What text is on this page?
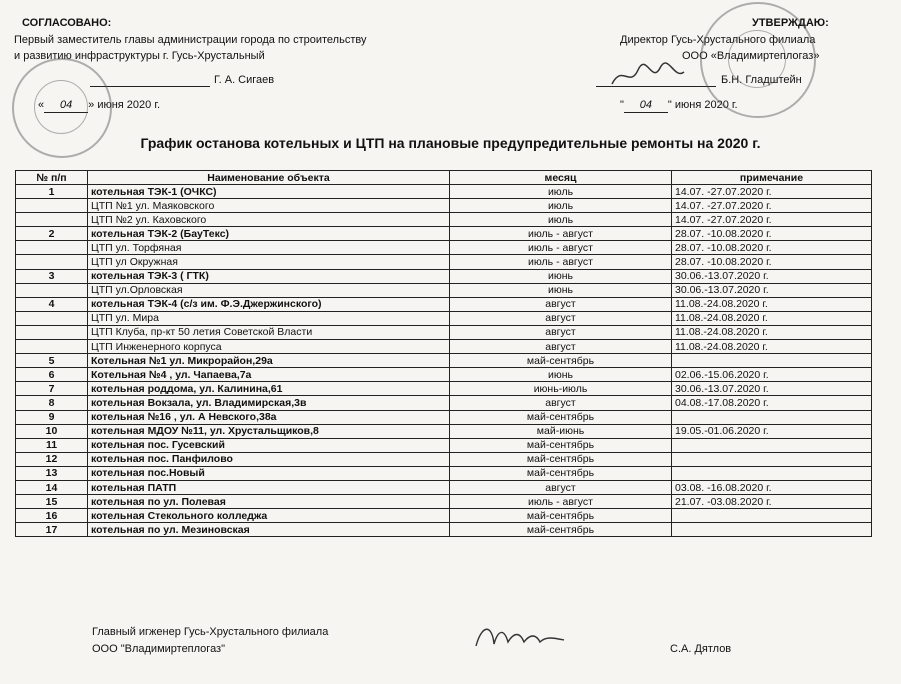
СОГЛАСОВАНО:
Первый заместитель главы администрации города по строительству
и развитию инфраструктуры г. Гусь-Хрустальный
Г. А. Сигаев
« 04 » июня 2020 г.
УТВЕРЖДАЮ:
Директор Гусь-Хрустального филиала
ООО «Владимиртеплогаз»
Б.Н. Гладштейн
" 04 " июня 2020 г.
График останова котельных и ЦТП на плановые предупредительные ремонты на 2020 г.
№ п/п	Наименование объекта	месяц	примечание
1	котельная ТЭК-1 (ОЧКС)	июль	14.07. -27.07.2020 г.
	ЦТП №1 ул. Маяковского	июль	14.07. -27.07.2020 г.
	ЦТП №2 ул. Каховского	июль	14.07. -27.07.2020 г.
2	котельная ТЭК-2 (БауТекс)	июль - август	28.07. -10.08.2020 г.
	ЦТП ул. Торфяная	июль - август	28.07. -10.08.2020 г.
	ЦТП ул Окружная	июль - август	28.07. -10.08.2020 г.
3	котельная ТЭК-3 ( ГТК)	июнь	30.06.-13.07.2020 г.
	ЦТП ул.Орловская	июнь	30.06.-13.07.2020 г.
4	котельная ТЭК-4 (с/з им. Ф.Э.Джержинского)	август	11.08.-24.08.2020 г.
	ЦТП ул. Мира	август	11.08.-24.08.2020 г.
	ЦТП Клуба, пр-кт 50 летия Советской Власти	август	11.08.-24.08.2020 г.
	ЦТП Инженерного корпуса	август	11.08.-24.08.2020 г.
5	Котельная №1 ул. Микрорайон,29а	май-сентябрь	
6	Котельная №4 , ул. Чапаева,7а	июнь	02.06.-15.06.2020 г.
7	котельная роддома, ул. Калинина,61	июнь-июль	30.06.-13.07.2020 г.
8	котельная Вокзала, ул. Владимирская,3в	август	04.08.-17.08.2020 г.
9	котельная №16 , ул. А Невского,38а	май-сентябрь	
10	котельная МДОУ №11, ул. Хрустальщиков,8	май-июнь	19.05.-01.06.2020 г.
11	котельная пос. Гусевский	май-сентябрь	
12	котельная пос. Панфилово	май-сентябрь	
13	котельная пос.Новый	май-сентябрь	
14	котельная ПАТП	август	03.08. -16.08.2020 г.
15	котельная по ул. Полевая	июль - август	21.07. -03.08.2020 г.
16	котельная Стекольного колледжа	май-сентябрь	
17	котельная по ул. Мезиновская	май-сентябрь	
Главный игженер Гусь-Хрустального филиала
ООО "Владимиртеплогаз"	С.А. Дятлов
